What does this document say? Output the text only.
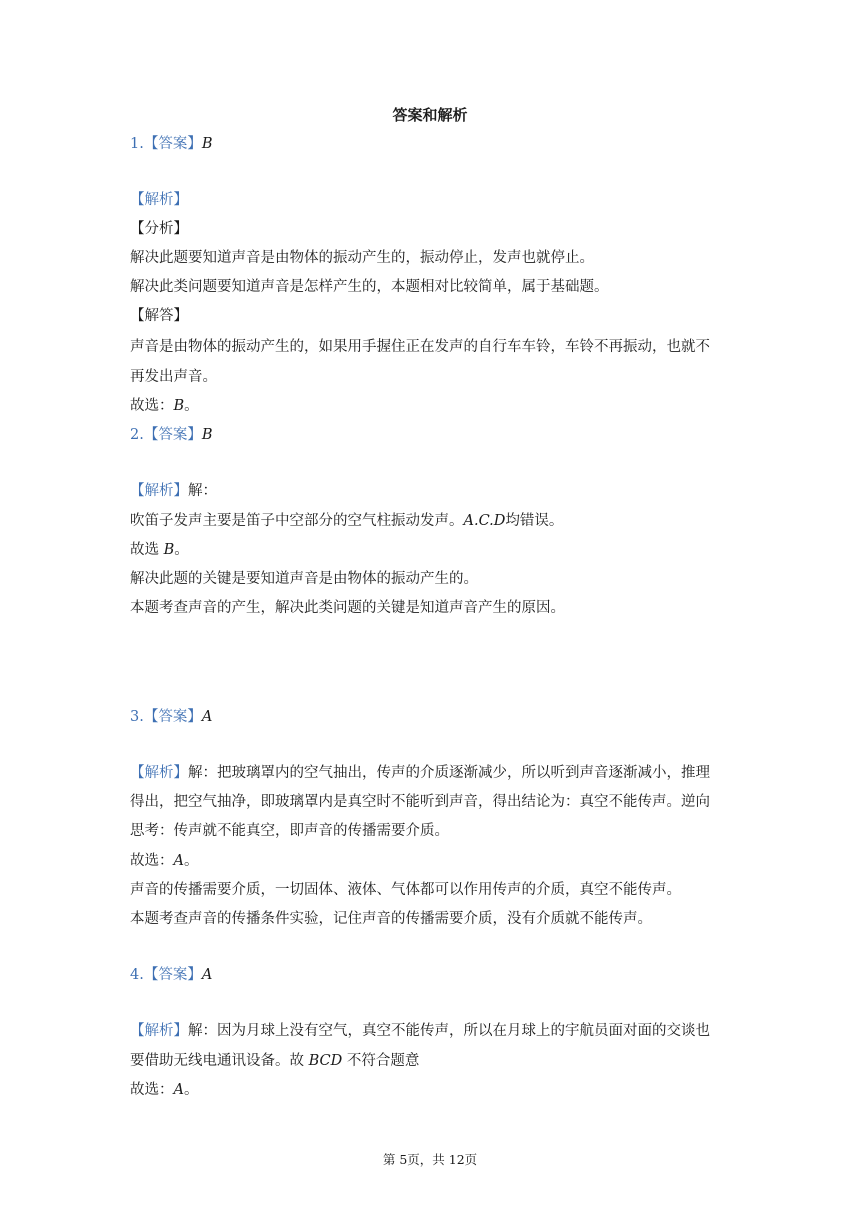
答案和解析
1.【答案】B
【解析】
【分析】
解决此题要知道声音是由物体的振动产生的，振动停止，发声也就停止。
解决此类问题要知道声音是怎样产生的，本题相对比较简单，属于基础题。
【解答】
声音是由物体的振动产生的，如果用手握住正在发声的自行车车铃，车铃不再振动，也就不
再发出声音。
故选：B。
2.【答案】B
【解析】解：
吹笛子发声主要是笛子中空部分的空气柱振动发声。A.C.D均错误。
故选 B。
解决此题的关键是要知道声音是由物体的振动产生的。
本题考查声音的产生，解决此类问题的关键是知道声音产生的原因。
3.【答案】A
【解析】解：把玻璃罩内的空气抽出，传声的介质逐渐减少，所以听到声音逐渐减小，推理
得出，把空气抽净，即玻璃罩内是真空时不能听到声音，得出结论为：真空不能传声。逆向
思考：传声就不能真空，即声音的传播需要介质。
故选：A。
声音的传播需要介质，一切固体、液体、气体都可以作用传声的介质，真空不能传声。
本题考查声音的传播条件实验，记住声音的传播需要介质，没有介质就不能传声。
4.【答案】A
【解析】解：因为月球上没有空气，真空不能传声，所以在月球上的宇航员面对面的交谈也
要借助无线电通讯设备。故 BCD 不符合题意
故选：A。
第 5页，共 12页
